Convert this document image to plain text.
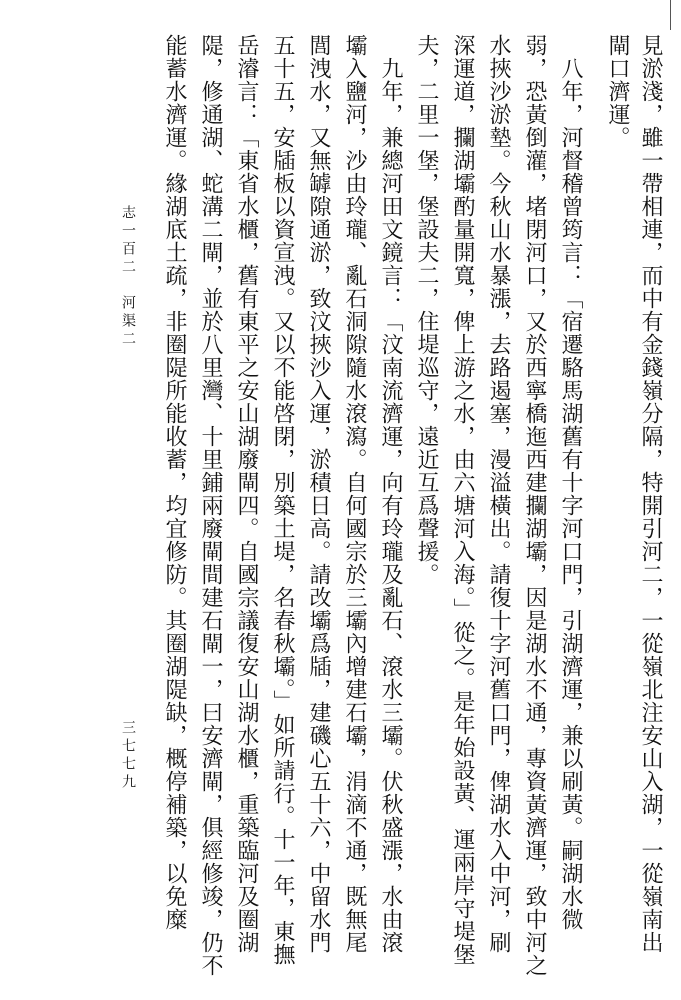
見淤淺，雖一帶相連，而中有金錢嶺分隔，特開引河二，一從嶺北注安山入湖，一從嶺南出
閘口濟運。
　八年，河督稽曾筠言：「宿遷駱馬湖舊有十字河口門，引湖濟運，兼以刷黃。嗣湖水微
弱，恐黃倒灌，堵閉河口，又於西寧橋迤西建攔湖壩，因是湖水不通，專資黃濟運，致中河之
水挾沙淤墊。今秋山水暴漲，去路遏塞，漫溢橫出。請復十字河舊口門，俾湖水入中河，刷
深運道，攔湖壩酌量開寬，俾上游之水，由六塘河入海。」從之。是年始設黃、運兩岸守堤堡
夫，二里一堡，堡設夫二，住堤巡守，遠近互爲聲援。
　九年，兼總河田文鏡言：「汶南流濟運，向有玲瓏及亂石、滾水三壩。伏秋盛漲，水由滾
壩入鹽河，沙由玲瓏、亂石洞隙隨水滾瀉。自何國宗於三壩內增建石壩，涓滴不通，既無尾
閭洩水，又無罅隙通淤，致汶挾沙入運，淤積日高。請改壩爲牐，建磯心五十六，中留水門
五十五，安牐板以資宣洩。又以不能啓閉，別築土堤，名春秋壩。」如所請行。十一年，東撫
岳濬言：「東省水櫃，舊有東平之安山湖廢閘四。自國宗議復安山湖水櫃，重築臨河及圈湖
隄，修通湖、蛇溝二閘，並於八里灣、十里鋪兩廢閘間建石閘一，曰安濟閘，俱經修竣，仍不
能蓄水濟運。緣湖底土疏，非圈隄所能收蓄，均宜修防。其圈湖隄缺，概停補築，以免糜
志一百二　河渠二
三七七九
